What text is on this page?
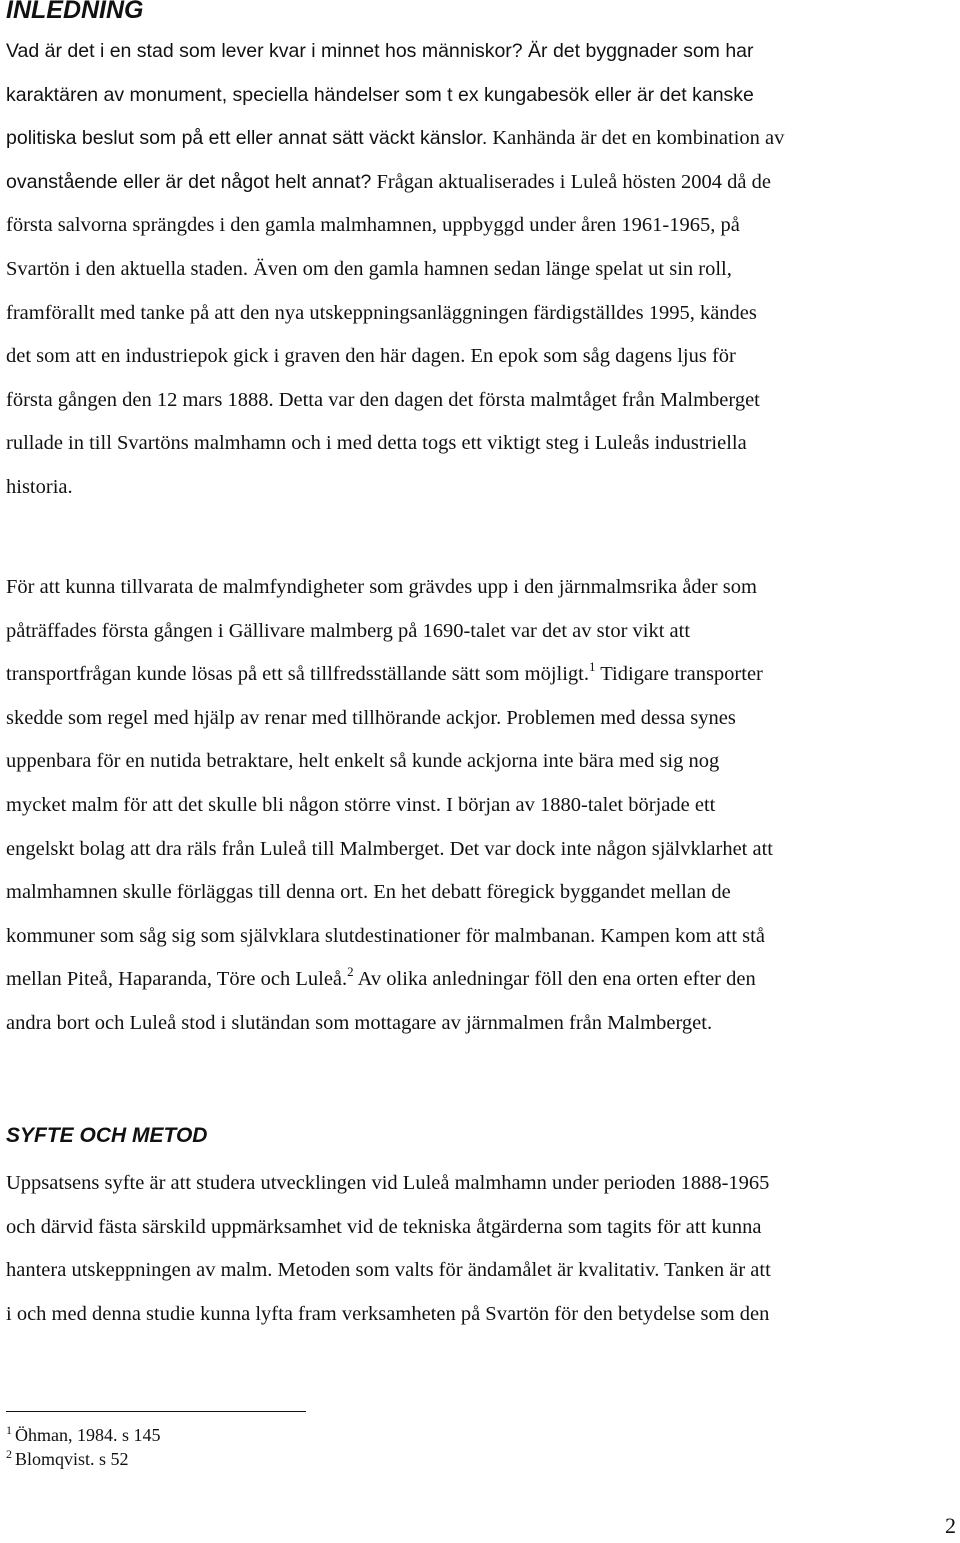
INLEDNING
Vad är det i en stad som lever kvar i minnet hos människor? Är det byggnader som har
karaktären av monument, speciella händelser som t ex kungabesök eller är det kanske
politiska beslut som på ett eller annat sätt väckt känslor. Kanhända är det en kombination av
ovanstående eller är det något helt annat? Frågan aktualiserades i Luleå hösten 2004 då de
första salvorna sprängdes i den gamla malmhamnen, uppbyggd under åren 1961-1965, på
Svartön i den aktuella staden. Även om den gamla hamnen sedan länge spelat ut sin roll,
framförallt med tanke på att den nya utskeppningsanläggningen färdigställdes 1995, kändes
det som att en industriepok gick i graven den här dagen. En epok som såg dagens ljus för
första gången den 12 mars 1888. Detta var den dagen det första malmtåget från Malmberget
rullade in till Svartöns malmhamn och i med detta togs ett viktigt steg i Luleås industriella
historia.
För att kunna tillvarata de malmfyndigheter som grävdes upp i den järnmalmsrika åder som
påträffades första gången i Gällivare malmberg på 1690-talet var det av stor vikt att
transportfrågan kunde lösas på ett så tillfredsställande sätt som möjligt.$^1$ Tidigare transporter
skedde som regel med hjälp av renar med tillhörande ackjor. Problemen med dessa synes
uppenbara för en nutida betraktare, helt enkelt så kunde ackjorna inte bära med sig nog
mycket malm för att det skulle bli någon större vinst. I början av 1880-talet började ett
engelskt bolag att dra räls från Luleå till Malmberget. Det var dock inte någon självklarhet att
malmhamnen skulle förläggas till denna ort. En het debatt föregick byggandet mellan de
kommuner som såg sig som självklara slutdestinationer för malmbanan. Kampen kom att stå
mellan Piteå, Haparanda, Töre och Luleå.$^2$ Av olika anledningar föll den ena orten efter den
andra bort och Luleå stod i slutändan som mottagare av järnmalmen från Malmberget.
SYFTE OCH METOD
Uppsatsens syfte är att studera utvecklingen vid Luleå malmhamn under perioden 1888-1965
och därvid fästa särskild uppmärksamhet vid de tekniska åtgärderna som tagits för att kunna
hantera utskeppningen av malm. Metoden som valts för ändamålet är kvalitativ. Tanken är att
i och med denna studie kunna lyfta fram verksamheten på Svartön för den betydelse som den
$^1$ Öhman, 1984. s 145
$^2$ Blomqvist. s 52
2
